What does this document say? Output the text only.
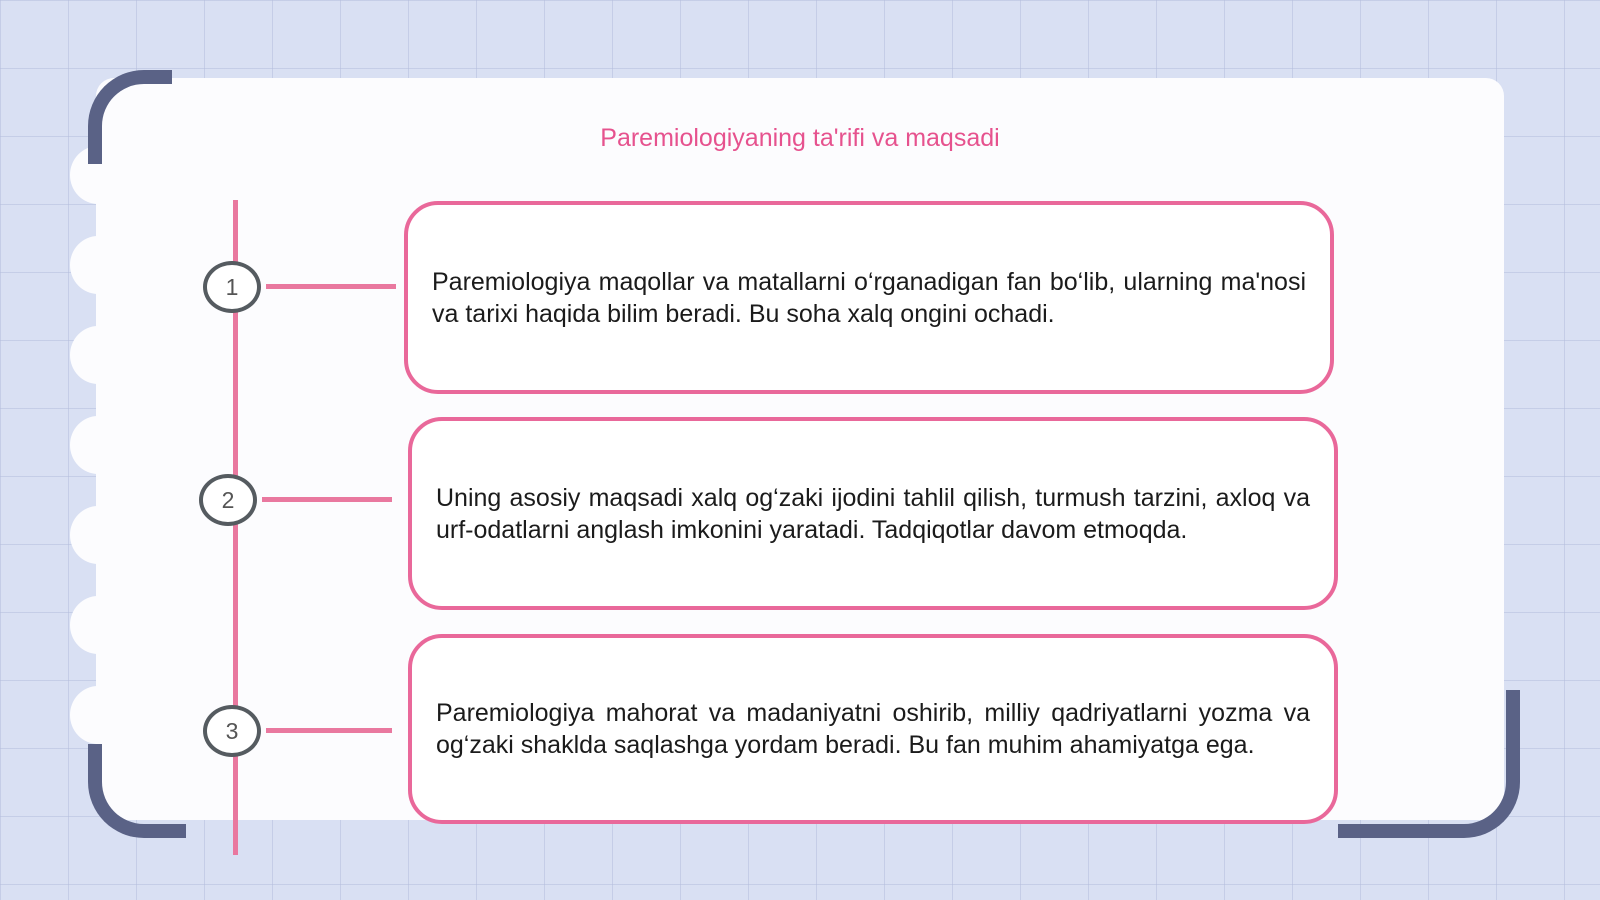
Paremiologiyaning ta'rifi va maqsadi
1
2
3
Paremiologiya maqollar va matallarni o‘rganadigan fan bo‘lib, ularning ma'nosi va tarixi haqida bilim beradi. Bu soha xalq ongini ochadi.
Uning asosiy maqsadi xalq og‘zaki ijodini tahlil qilish, turmush tarzini, axloq va urf-odatlarni anglash imkonini yaratadi. Tadqiqotlar davom etmoqda.
Paremiologiya mahorat va madaniyatni oshirib, milliy qadriyatlarni yozma va og‘zaki shaklda saqlashga yordam beradi. Bu fan muhim ahamiyatga ega.
